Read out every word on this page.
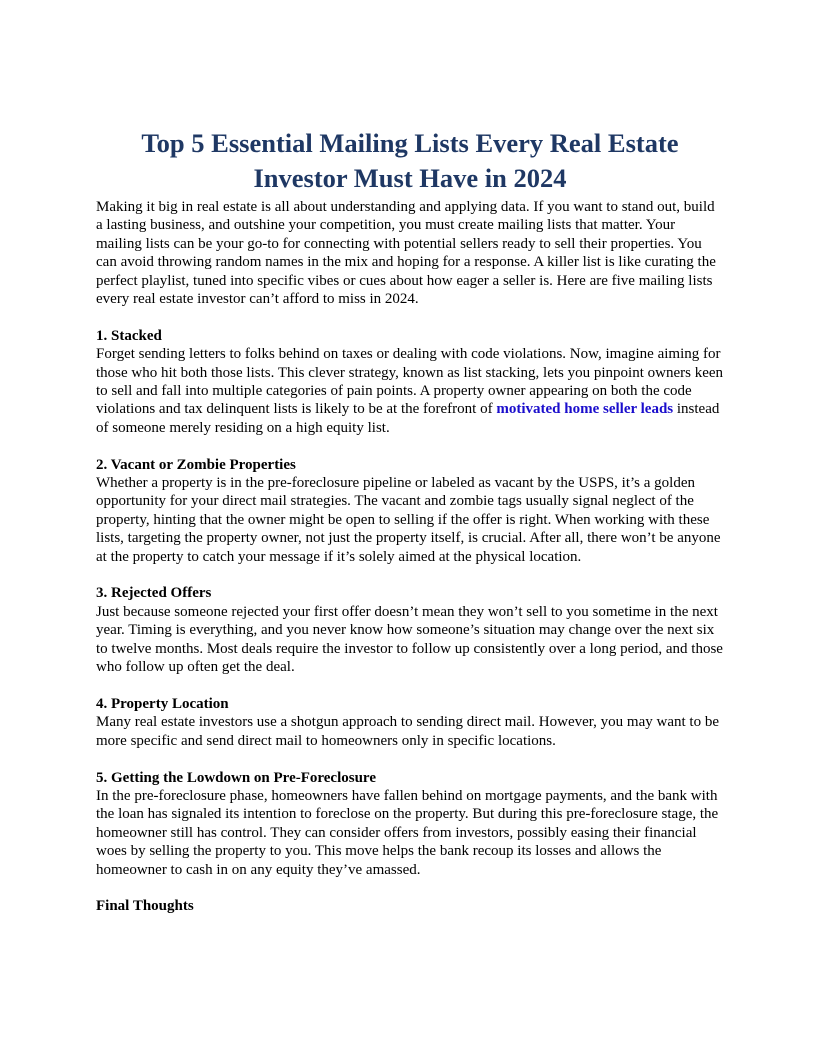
Top 5 Essential Mailing Lists Every Real Estate
Investor Must Have in 2024

Making it big in real estate is all about understanding and applying data. If you want to stand out, build a lasting business, and outshine your competition, you must create mailing lists that matter. Your mailing lists can be your go-to for connecting with potential sellers ready to sell their properties. You can avoid throwing random names in the mix and hoping for a response. A killer list is like curating the perfect playlist, tuned into specific vibes or cues about how eager a seller is. Here are five mailing lists every real estate investor can’t afford to miss in 2024.

1. Stacked

Forget sending letters to folks behind on taxes or dealing with code violations. Now, imagine aiming for those who hit both those lists. This clever strategy, known as list stacking, lets you pinpoint owners keen to sell and fall into multiple categories of pain points. A property owner appearing on both the code violations and tax delinquent lists is likely to be at the forefront of motivated home seller leads instead of someone merely residing on a high equity list.

2. Vacant or Zombie Properties

Whether a property is in the pre-foreclosure pipeline or labeled as vacant by the USPS, it’s a golden opportunity for your direct mail strategies. The vacant and zombie tags usually signal neglect of the property, hinting that the owner might be open to selling if the offer is right. When working with these lists, targeting the property owner, not just the property itself, is crucial. After all, there won’t be anyone at the property to catch your message if it’s solely aimed at the physical location.

3. Rejected Offers

Just because someone rejected your first offer doesn’t mean they won’t sell to you sometime in the next year. Timing is everything, and you never know how someone’s situation may change over the next six to twelve months. Most deals require the investor to follow up consistently over a long period, and those who follow up often get the deal.

4. Property Location

Many real estate investors use a shotgun approach to sending direct mail. However, you may want to be more specific and send direct mail to homeowners only in specific locations.

5. Getting the Lowdown on Pre-Foreclosure

In the pre-foreclosure phase, homeowners have fallen behind on mortgage payments, and the bank with the loan has signaled its intention to foreclose on the property. But during this pre-foreclosure stage, the homeowner still has control. They can consider offers from investors, possibly easing their financial woes by selling the property to you. This move helps the bank recoup its losses and allows the homeowner to cash in on any equity they’ve amassed.

Final Thoughts
